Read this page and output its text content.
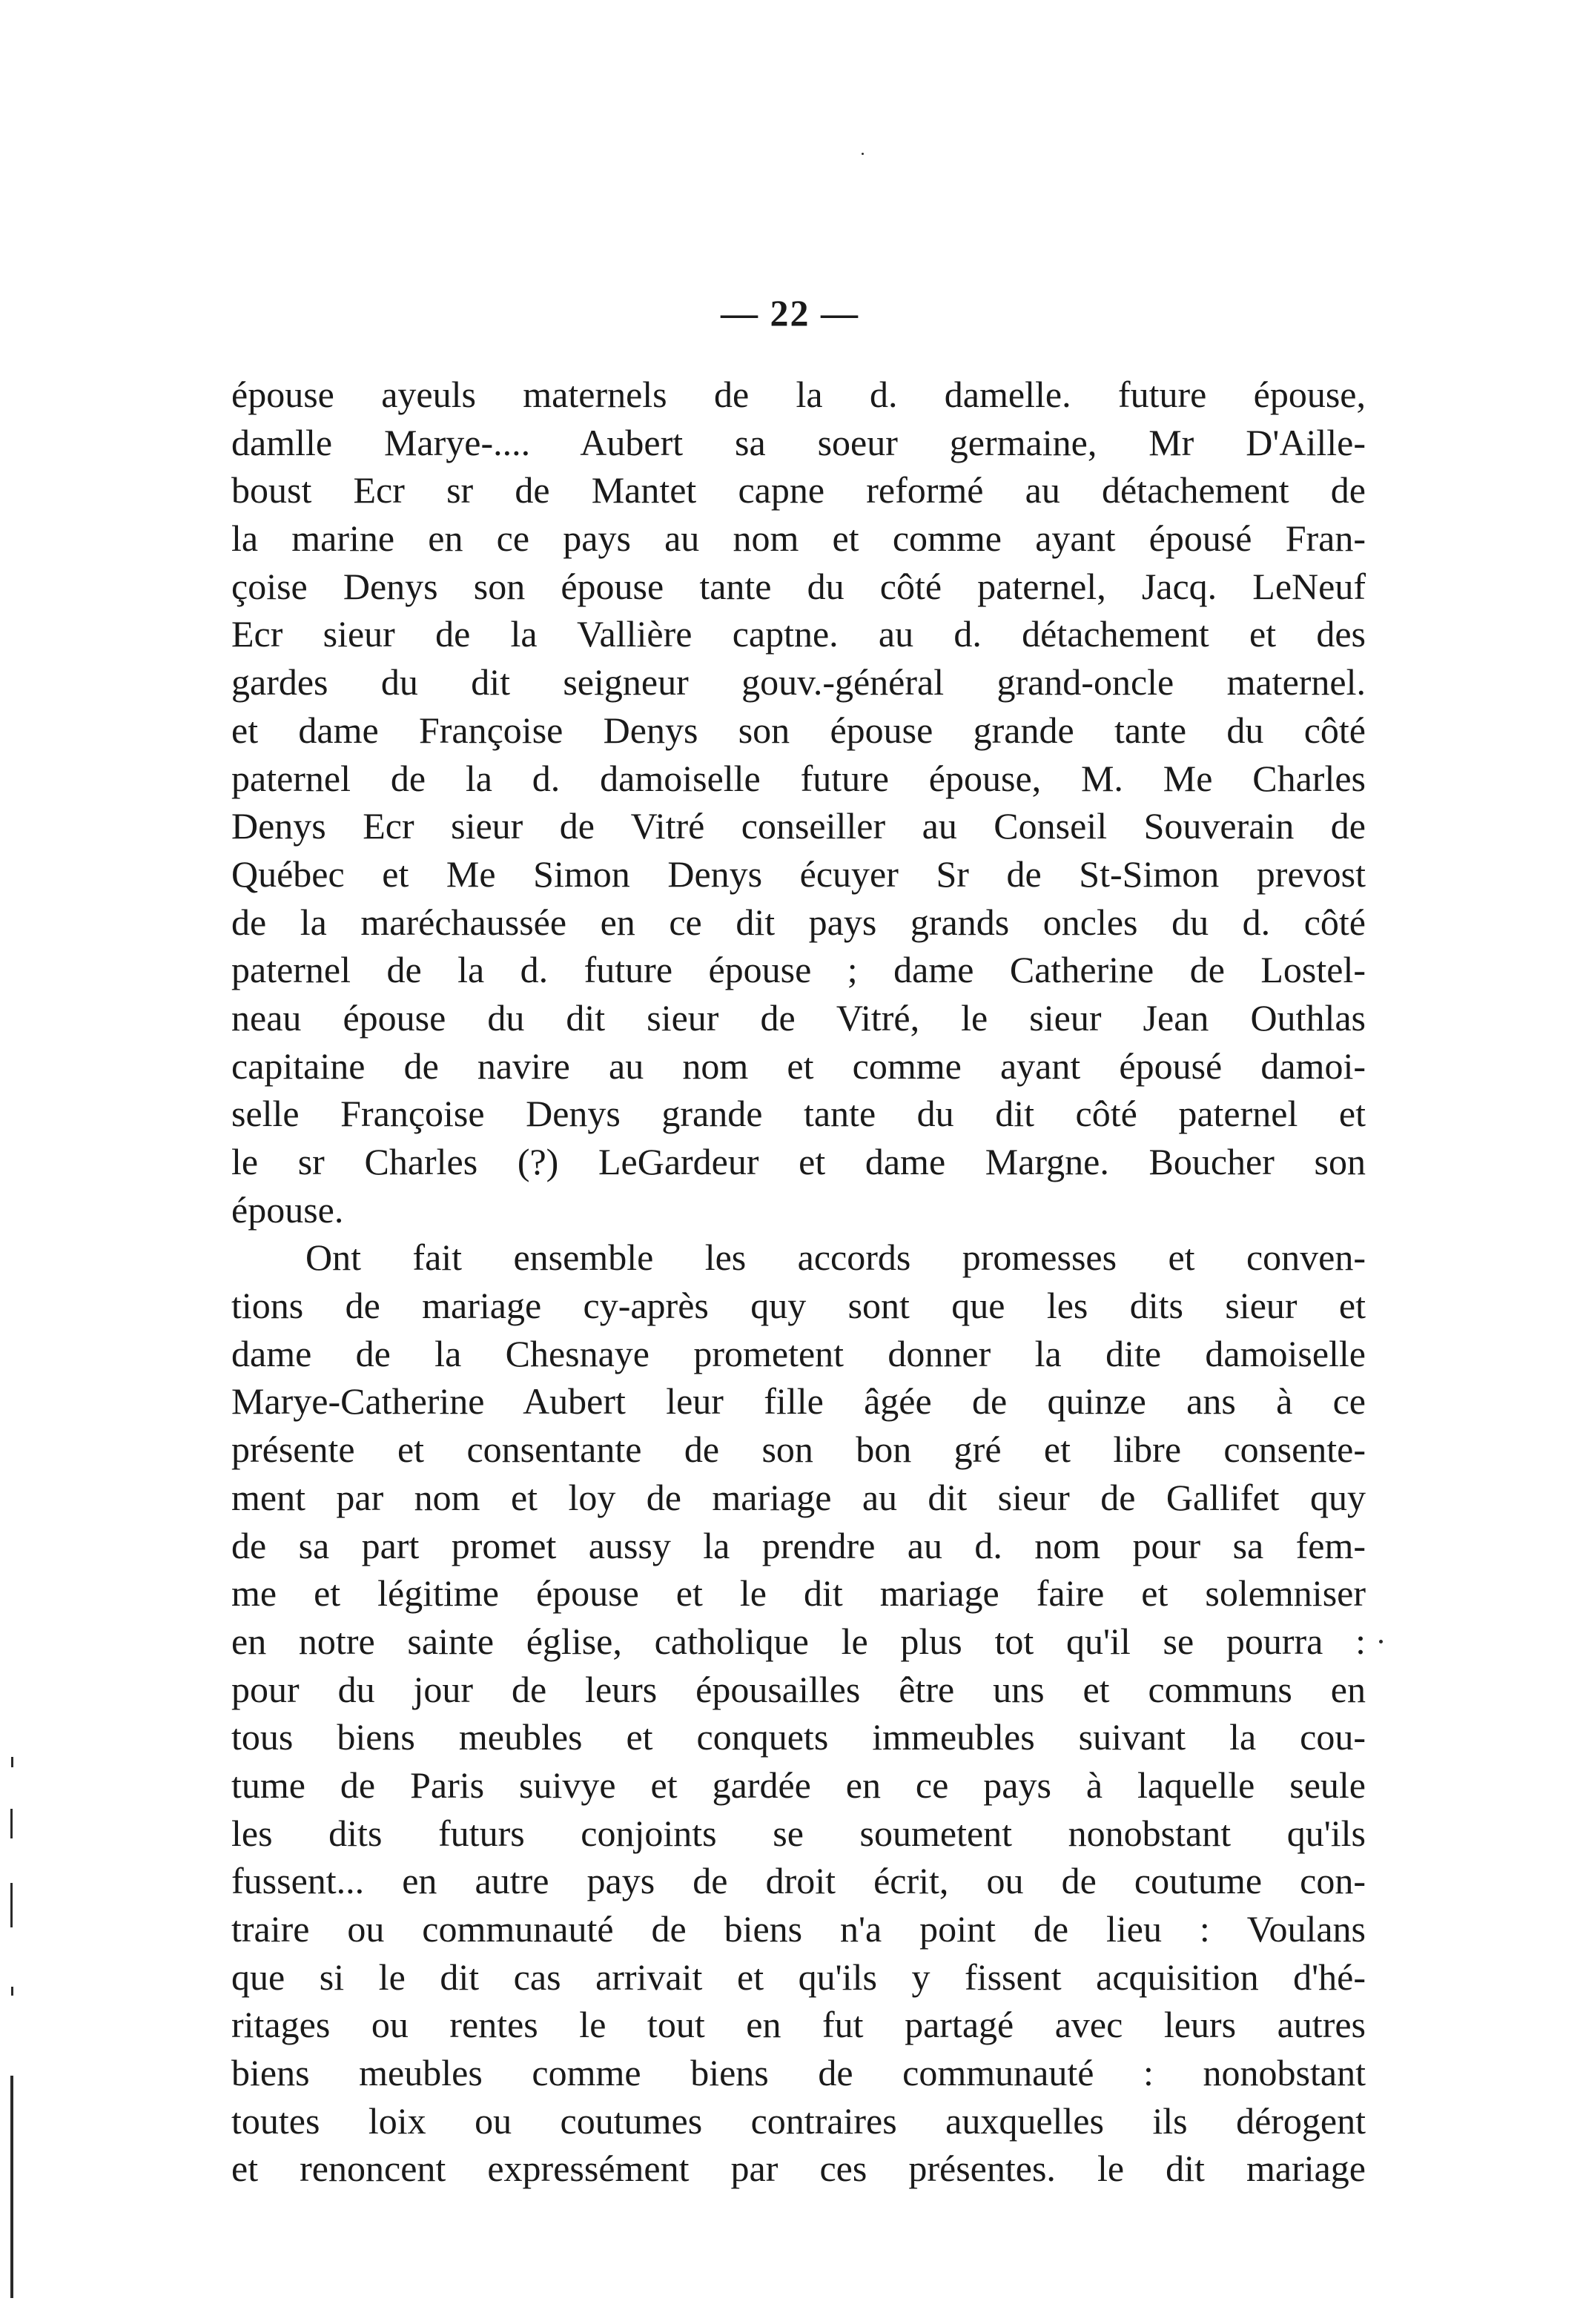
— 22 —
épouse ayeuls maternels de la d. damelle. future épouse,
damlle Marye-.... Aubert sa soeur germaine, Mr D'Aille-
boust Ecr sr de Mantet capne reformé au détachement de
la marine en ce pays au nom et comme ayant épousé Fran-
çoise Denys son épouse tante du côté paternel, Jacq. LeNeuf
Ecr sieur de la Vallière captne. au d. détachement et des
gardes du dit seigneur gouv.-général grand-oncle maternel.
et dame Françoise Denys son épouse grande tante du côté
paternel de la d. damoiselle future épouse, M. Me Charles
Denys Ecr sieur de Vitré conseiller au Conseil Souverain de
Québec et Me Simon Denys écuyer Sr de St-Simon prevost
de la maréchaussée en ce dit pays grands oncles du d. côté
paternel de la d. future épouse ; dame Catherine de Lostel-
neau épouse du dit sieur de Vitré, le sieur Jean Outhlas
capitaine de navire au nom et comme ayant épousé damoi-
selle Françoise Denys grande tante du dit côté paternel et
le sr Charles (?) LeGardeur et dame Margne. Boucher son
épouse.
Ont fait ensemble les accords promesses et conven-
tions de mariage cy-après quy sont que les dits sieur et
dame de la Chesnaye prometent donner la dite damoiselle
Marye-Catherine Aubert leur fille âgée de quinze ans à ce
présente et consentante de son bon gré et libre consente-
ment par nom et loy de mariage au dit sieur de Gallifet quy
de sa part promet aussy la prendre au d. nom pour sa fem-
me et légitime épouse et le dit mariage faire et solemniser
en notre sainte église, catholique le plus tot qu'il se pourra :
pour du jour de leurs épousailles être uns et communs en
tous biens meubles et conquets immeubles suivant la cou-
tume de Paris suivye et gardée en ce pays à laquelle seule
les dits futurs conjoints se soumetent nonobstant qu'ils
fussent... en autre pays de droit écrit, ou de coutume con-
traire ou communauté de biens n'a point de lieu : Voulans
que si le dit cas arrivait et qu'ils y fissent acquisition d'hé-
ritages ou rentes le tout en fut partagé avec leurs autres
biens meubles comme biens de communauté : nonobstant
toutes loix ou coutumes contraires auxquelles ils dérogent
et renoncent expressément par ces présentes. le dit mariage
